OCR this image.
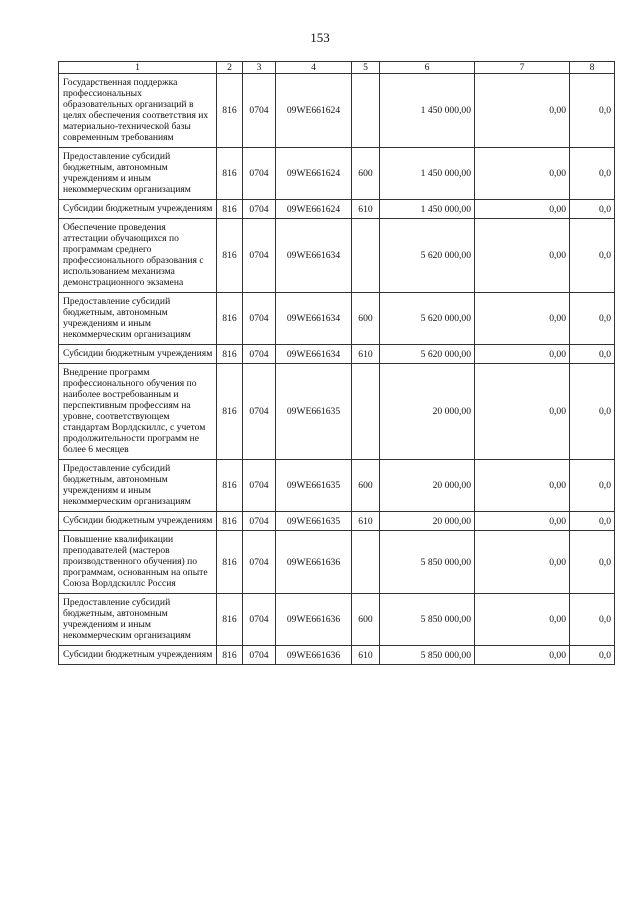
153
1	2	3	4	5	6	7	8
Государственная поддержка профессиональных образовательных организаций в целях обеспечения соответствия их материально-технической базы современным требованиям	816	0704	09WE661624		1 450 000,00	0,00	0,0
Предоставление субсидий бюджетным, автономным учреждениям и иным некоммерческим организациям	816	0704	09WE661624	600	1 450 000,00	0,00	0,0
Субсидии бюджетным учреждениям	816	0704	09WE661624	610	1 450 000,00	0,00	0,0
Обеспечение проведения аттестации обучающихся по программам среднего профессионального образования с использованием механизма демонстрационного экзамена	816	0704	09WE661634		5 620 000,00	0,00	0,0
Предоставление субсидий бюджетным, автономным учреждениям и иным некоммерческим организациям	816	0704	09WE661634	600	5 620 000,00	0,00	0,0
Субсидии бюджетным учреждениям	816	0704	09WE661634	610	5 620 000,00	0,00	0,0
Внедрение программ профессионального обучения по наиболее востребованным и перспективным профессиям на уровне, соответствующем стандартам Ворлдскиллс, с учетом продолжительности программ не более 6 месяцев	816	0704	09WE661635		20 000,00	0,00	0,0
Предоставление субсидий бюджетным, автономным учреждениям и иным некоммерческим организациям	816	0704	09WE661635	600	20 000,00	0,00	0,0
Субсидии бюджетным учреждениям	816	0704	09WE661635	610	20 000,00	0,00	0,0
Повышение квалификации преподавателей (мастеров производственного обучения) по программам, основанным на опыте Союза Ворлдскиллс Россия	816	0704	09WE661636		5 850 000,00	0,00	0,0
Предоставление субсидий бюджетным, автономным учреждениям и иным некоммерческим организациям	816	0704	09WE661636	600	5 850 000,00	0,00	0,0
Субсидии бюджетным учреждениям	816	0704	09WE661636	610	5 850 000,00	0,00	0,0
